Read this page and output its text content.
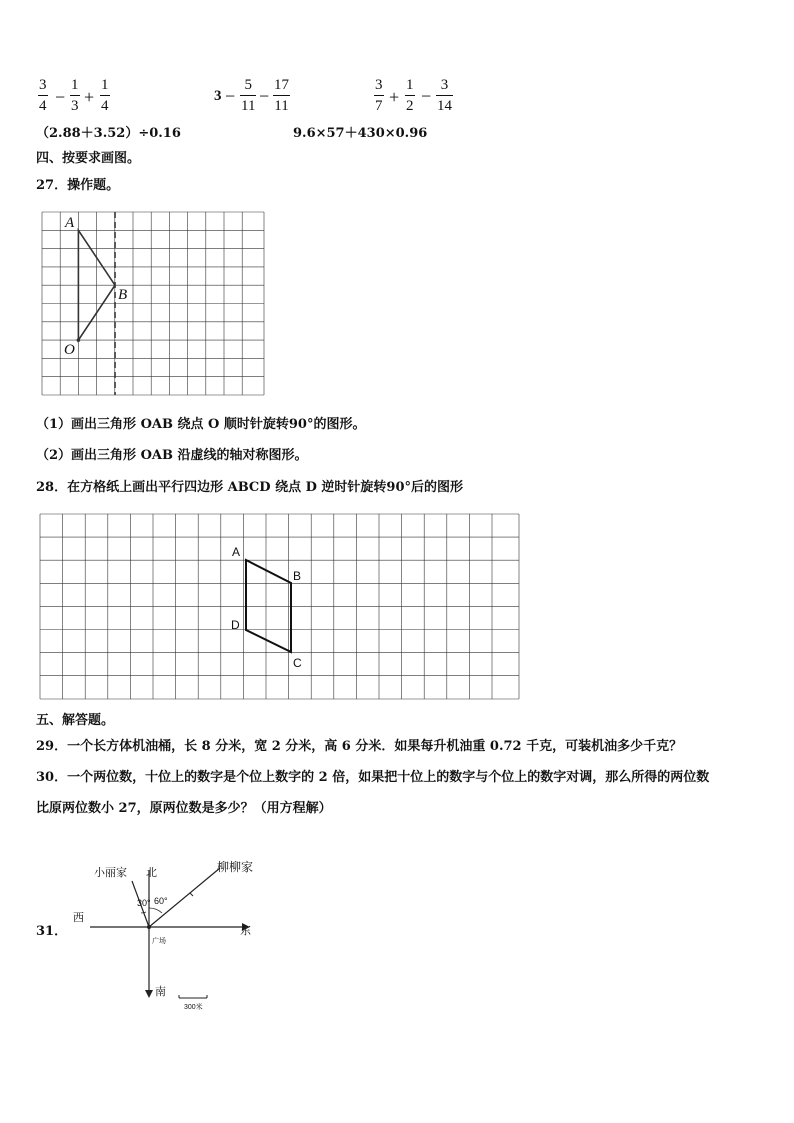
3
4 −
1
3 +
1
4
3 −
5
11 −
17
11
3
7 +
1
2 −
3
14
（2.88＋3.52）÷0.16	9.6×57＋430×0.96
四、按要求画图。
27．操作题。
A
B
O
（1）画出三角形 OAB 绕点 O 顺时针旋转90°的图形。
（2）画出三角形 OAB 沿虚线的轴对称图形。
28．在方格纸上画出平行四边形 ABCD 绕点 D 逆时针旋转90°后的图形
A
B
D
C
五、解答题。
29．一个长方体机油桶，长 8 分米，宽 2 分米，高 6 分米．如果每升机油重 0.72 千克，可装机油多少千克？
30．一个两位数，十位上的数字是个位上数字的 2 倍，如果把十位上的数字与个位上的数字对调，那么所得的两位数
比原两位数小 27，原两位数是多少？（用方程解）
31．
小丽家 北
西
东
南
广场
柳柳家
30° 60°
300米
